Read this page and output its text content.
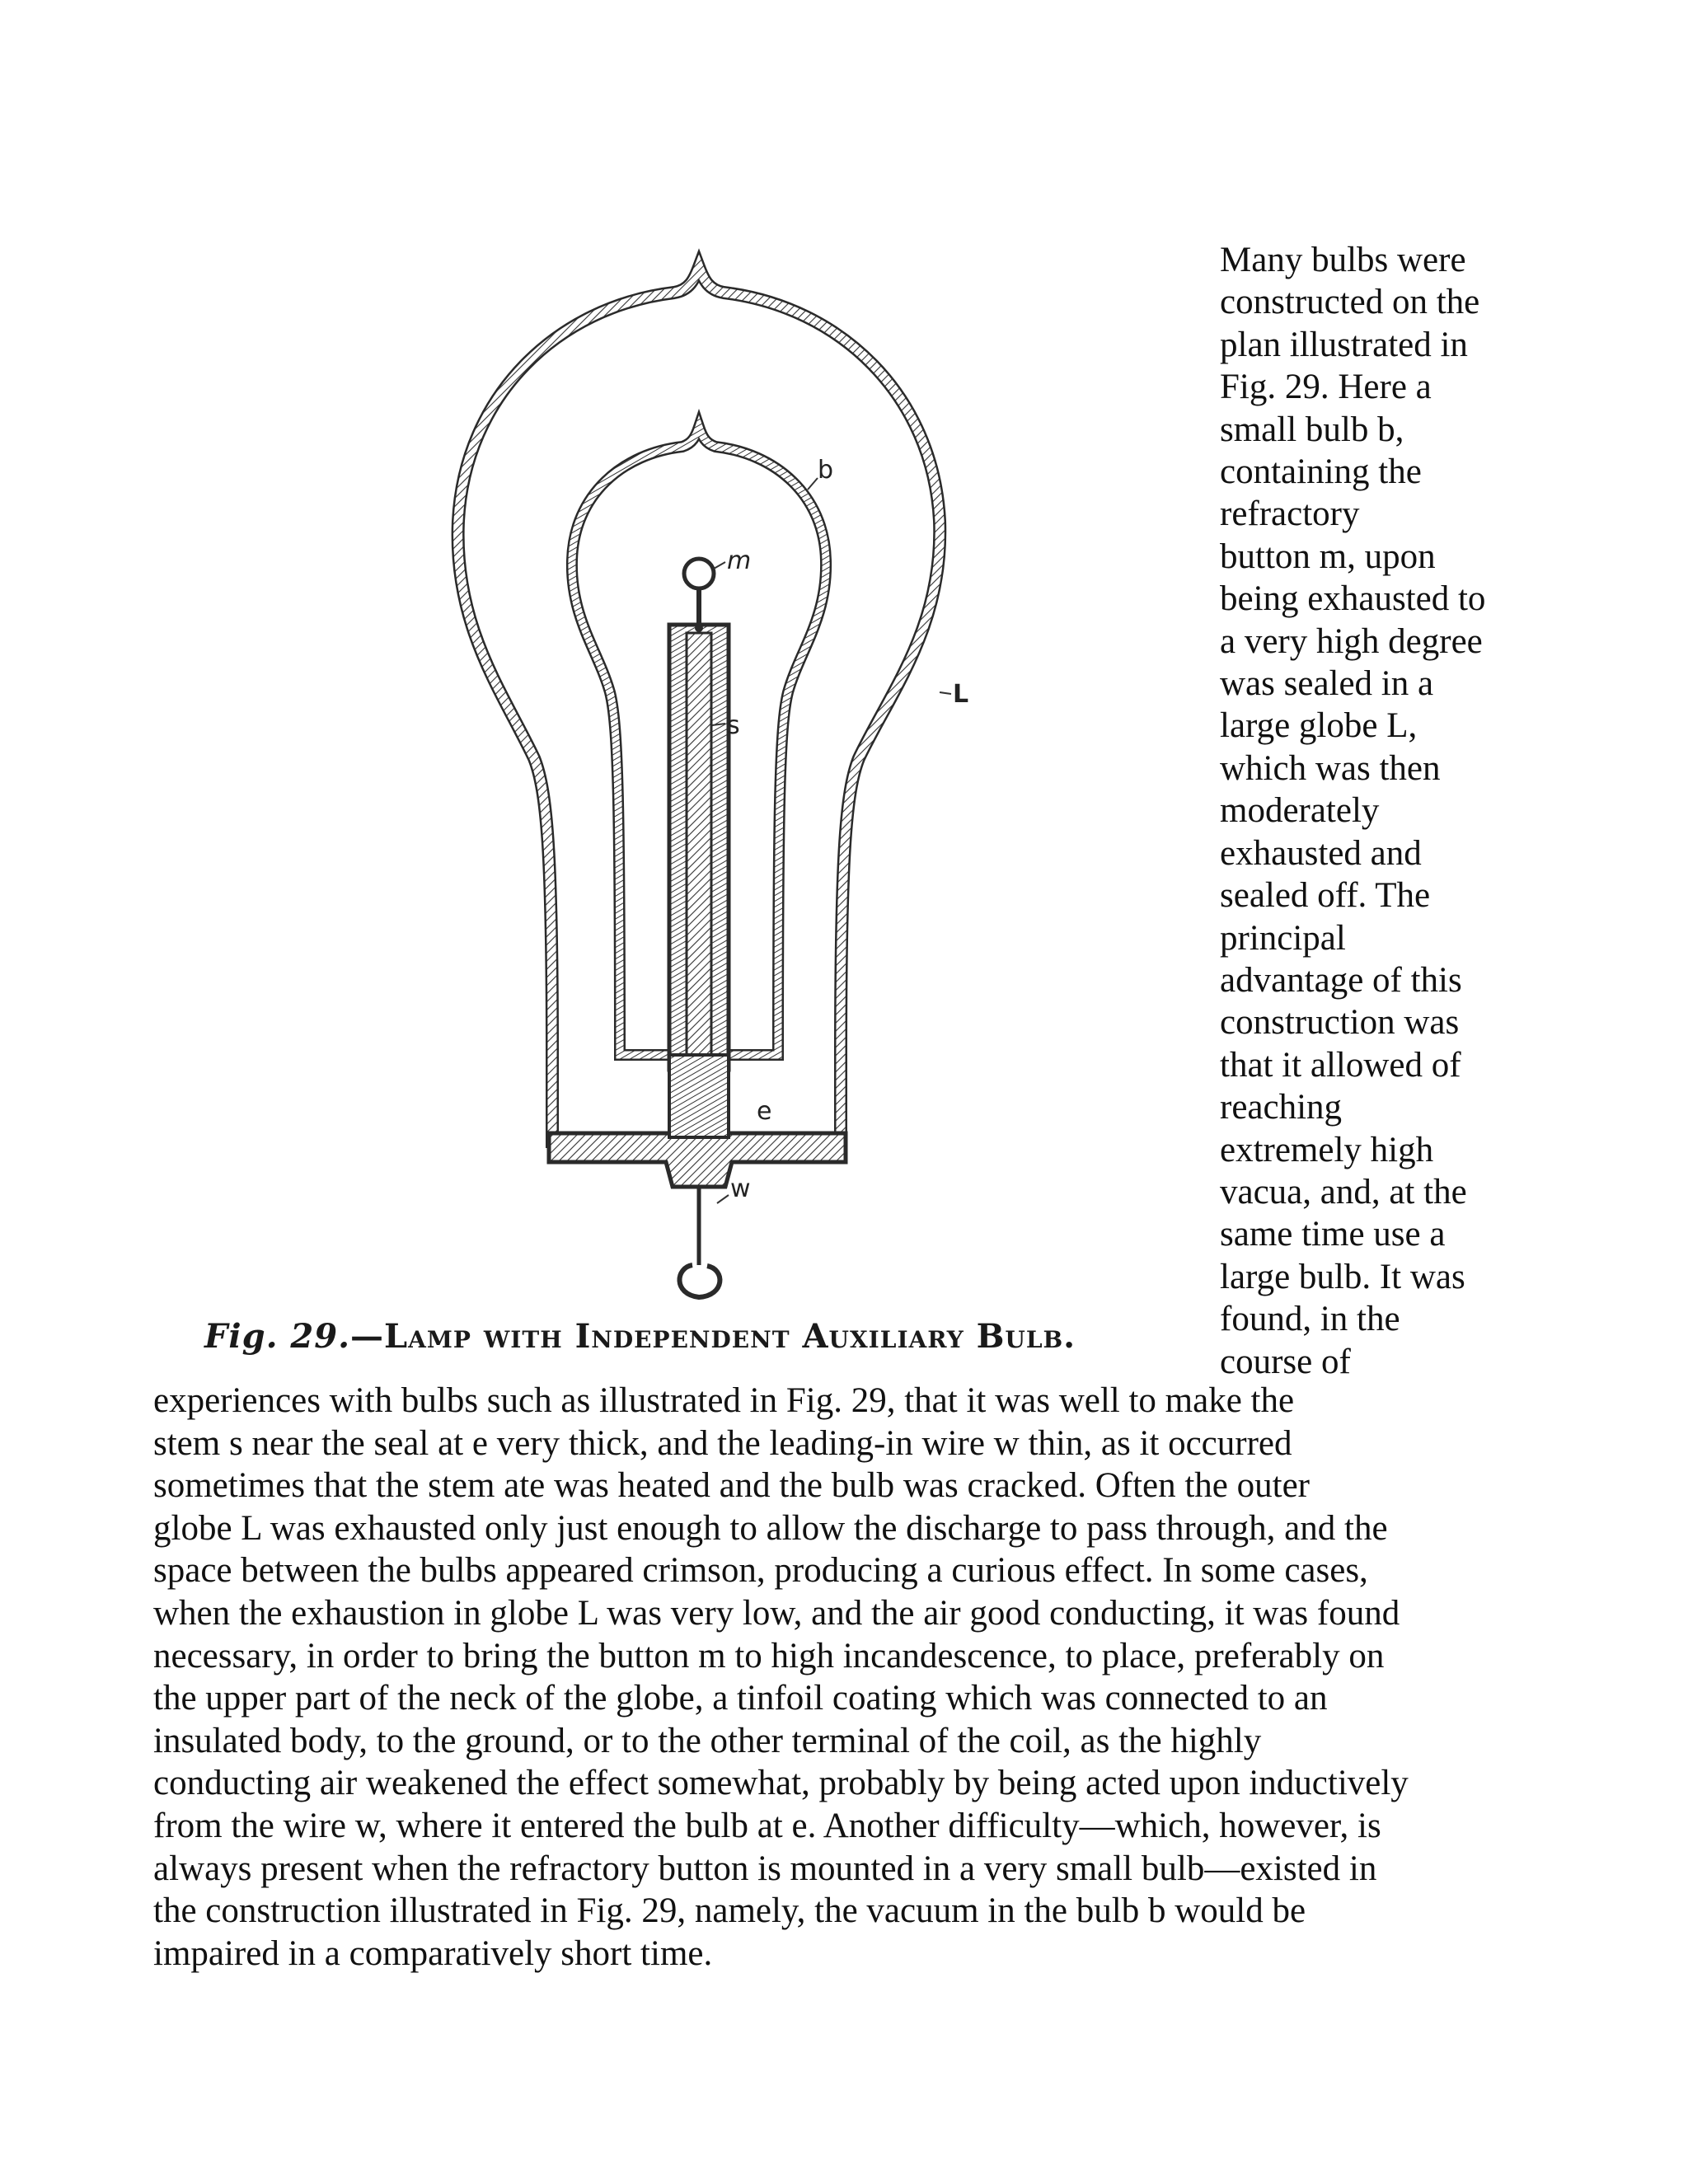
m
b
s
L
e
w
Fig. 29.—Lamp with Independent Auxiliary Bulb.
Many bulbs were
constructed on the
plan illustrated in
Fig. 29. Here a
small bulb b,
containing the
refractory
button m, upon
being exhausted to
a very high degree
was sealed in a
large globe L,
which was then
moderately
exhausted and
sealed off. The
principal
advantage of this
construction was
that it allowed of
reaching
extremely high
vacua, and, at the
same time use a
large bulb. It was
found, in the
course of
experiences with bulbs such as illustrated in Fig. 29, that it was well to make the
stem s near the seal at e very thick, and the leading-in wire w thin, as it occurred
sometimes that the stem ate was heated and the bulb was cracked. Often the outer
globe L was exhausted only just enough to allow the discharge to pass through, and the
space between the bulbs appeared crimson, producing a curious effect. In some cases,
when the exhaustion in globe L was very low, and the air good conducting, it was found
necessary, in order to bring the button m to high incandescence, to place, preferably on
the upper part of the neck of the globe, a tinfoil coating which was connected to an
insulated body, to the ground, or to the other terminal of the coil, as the highly
conducting air weakened the effect somewhat, probably by being acted upon inductively
from the wire w, where it entered the bulb at e. Another difficulty—which, however, is
always present when the refractory button is mounted in a very small bulb—existed in
the construction illustrated in Fig. 29, namely, the vacuum in the bulb b would be
impaired in a comparatively short time.
